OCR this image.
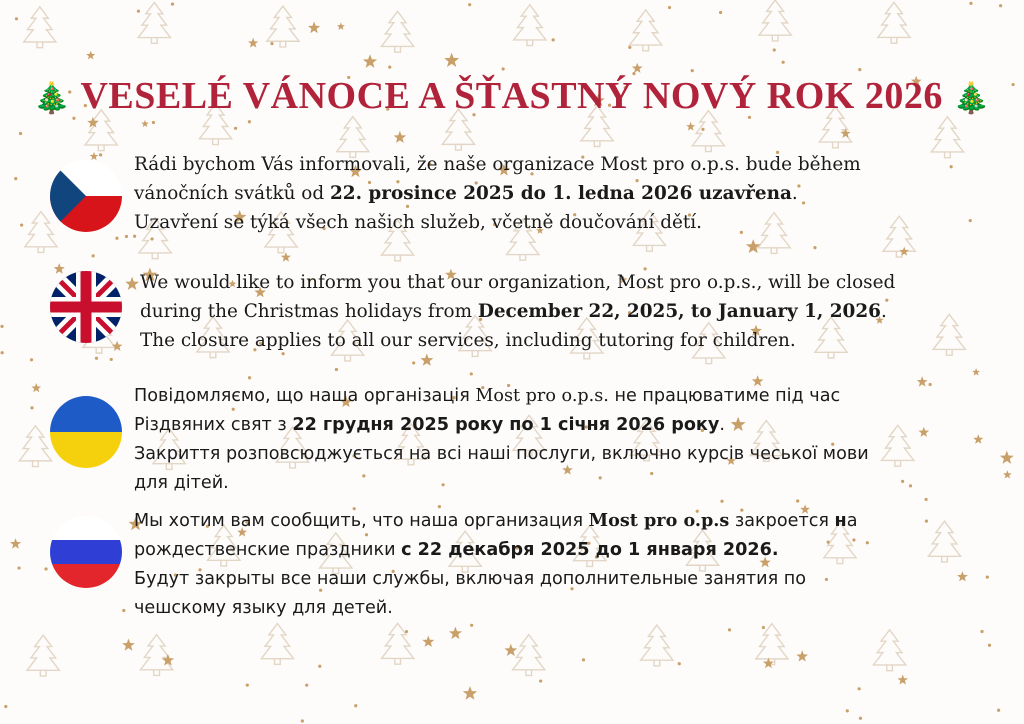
🎄 VESELÉ VÁNOCE A ŠŤASTNÝ NOVÝ ROK 2026 🎄

Rádi bychom Vás informovali, že naše organizace Most pro o.p.s. bude během

vánočních svátků od 22. prosince 2025 do 1. ledna 2026 uzavřena.

Uzavření se týká všech našich služeb, včetně doučování dětí.

We would like to inform you that our organization, Most pro o.p.s., will be closed

during the Christmas holidays from December 22, 2025, to January 1, 2026.

The closure applies to all our services, including tutoring for children.

Повідомляємо, що наша організація Most pro o.p.s. не працюватиме під час

Різдвяних свят з 22 грудня 2025 року по 1 січня 2026 року.

Закриття розповсюджується на всі наші послуги, включно курсів чеської мови

для дітей.

Мы хотим вам сообщить, что наша организация Most pro o.p.s закроется на

рождественские праздники с 22 декабря 2025 до 1 января 2026.

Будут закрыты все наши службы, включая дополнительные занятия по

чешскому языку для детей.
